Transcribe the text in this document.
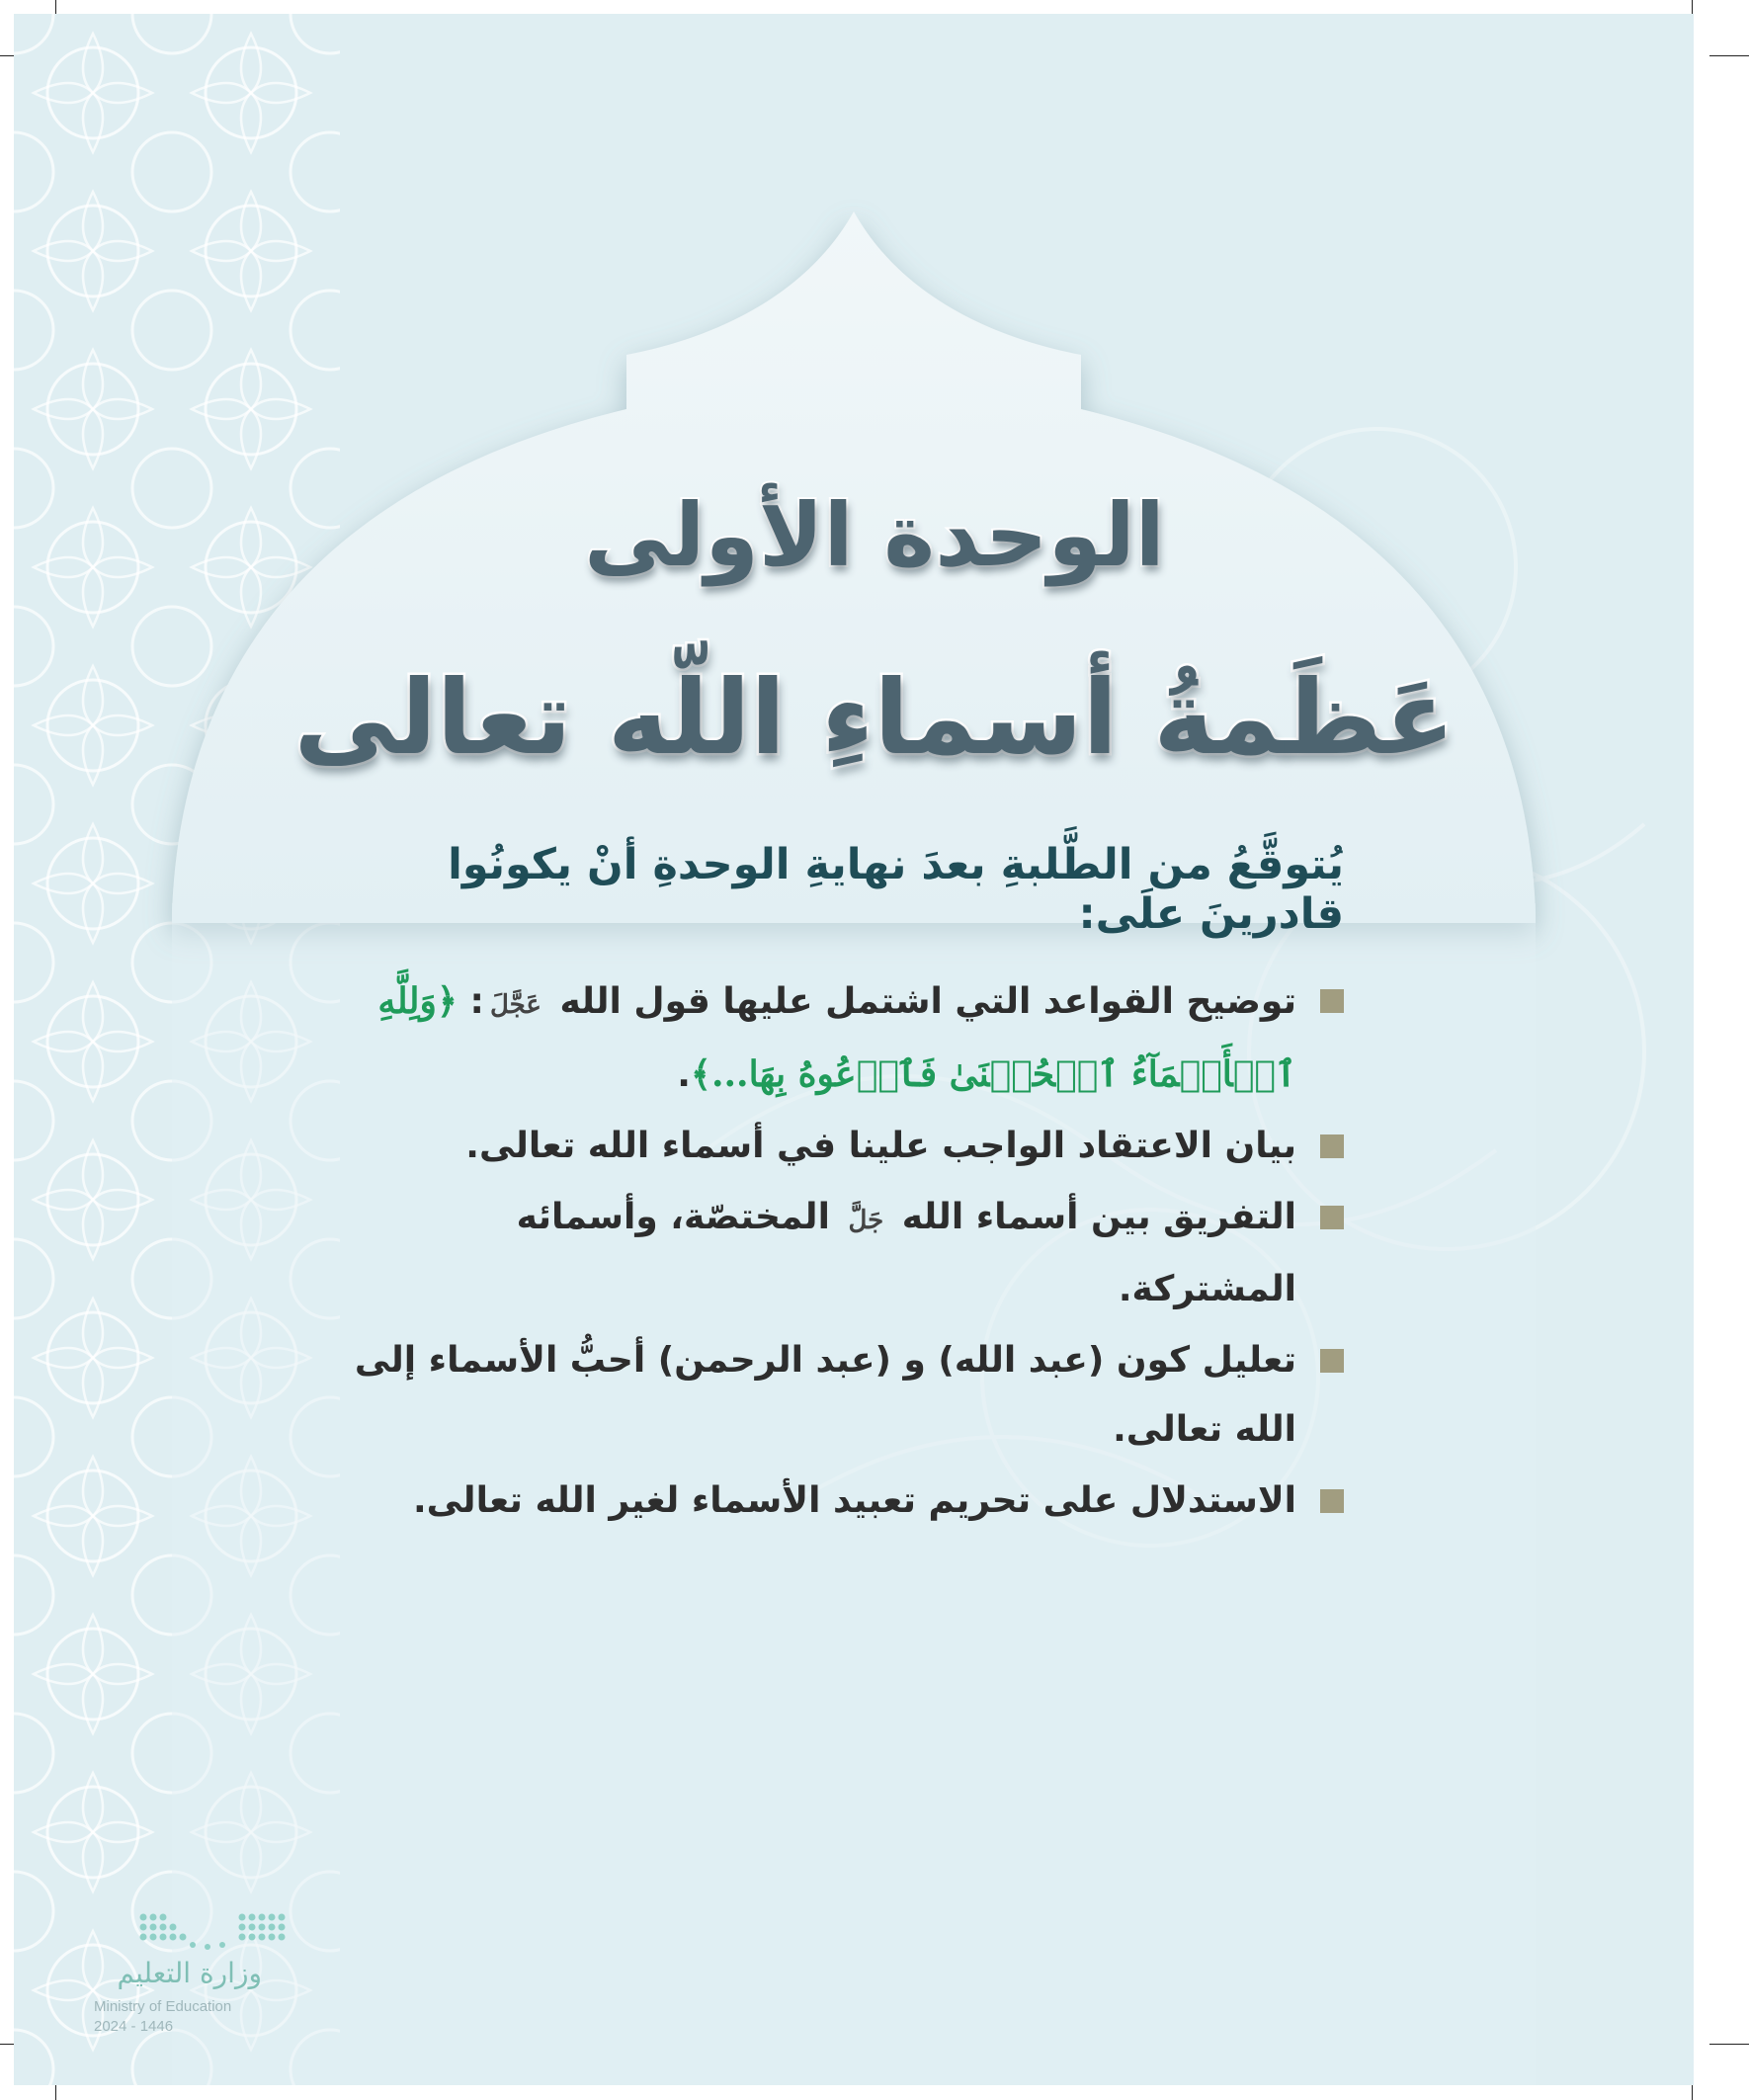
الوحدة الأولى
عَظَمةُ أسماءِ اللّه تعالى

يُتوقَّعُ من الطَّلبةِ بعدَ نهايةِ الوحدةِ أنْ يكونُوا قادرينَ علَى:

توضيح القواعد التي اشتمل عليها قول الله عَجَّلَ: ﴿وَلِلَّهِ ٱلۡأَسۡمَآءُ ٱلۡحُسۡنَىٰ فَٱدۡعُوهُ بِهَا...﴾.
بيان الاعتقاد الواجب علينا في أسماء الله تعالى.
التفريق بين أسماء الله جَلَّ المختصّة، وأسمائه المشتركة.
تعليل كون (عبد الله) و (عبد الرحمن) أحبُّ الأسماء إلى الله تعالى.
الاستدلال على تحريم تعبيد الأسماء لغير الله تعالى.
وزارة التعليم
Ministry of Education
2024 - 1446
